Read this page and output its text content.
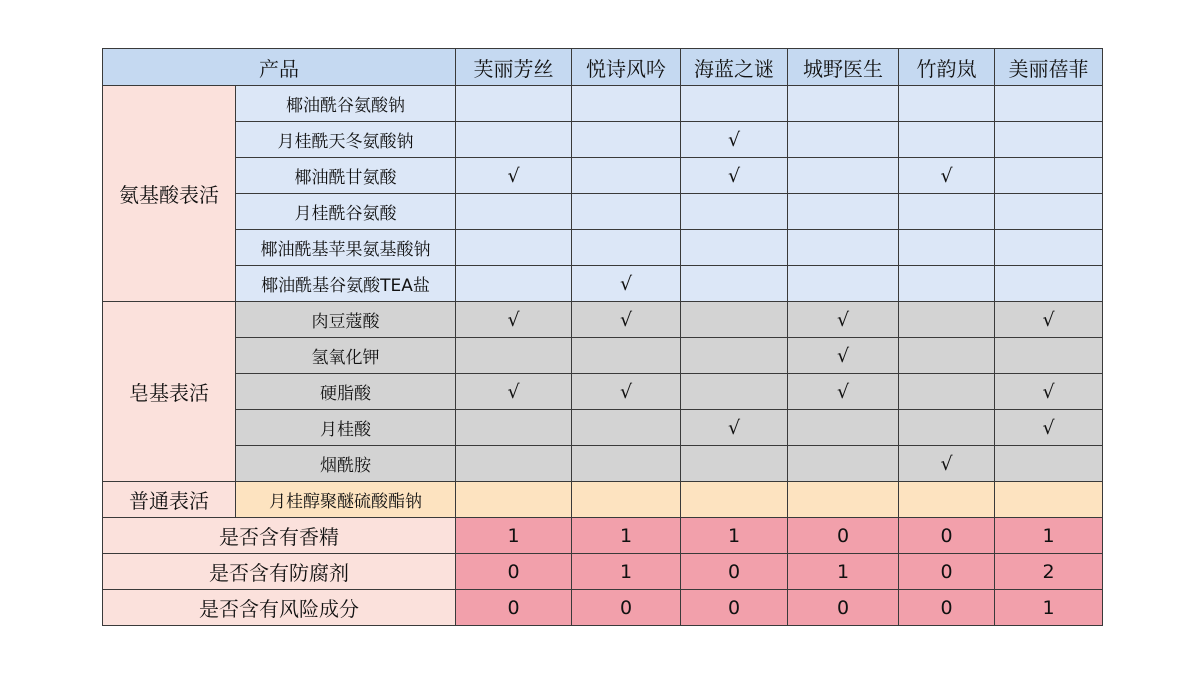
产品		芙丽芳丝	悦诗风吟	海蓝之谜	城野医生	竹韵岚	美丽蓓菲
氨基酸表活	椰油酰谷氨酸钠						
	月桂酰天冬氨酸钠			√			
	椰油酰甘氨酸	√		√		√	
	月桂酰谷氨酸						
	椰油酰基苹果氨基酸钠						
	椰油酰基谷氨酸TEA盐		√				
皂基表活	肉豆蔻酸	√	√		√		√
	氢氧化钾				√		
	硬脂酸	√	√		√		√
	月桂酸			√			√
	烟酰胺					√	
普通表活	月桂醇聚醚硫酸酯钠						
是否含有香精		1	1	1	0	0	1
是否含有防腐剂		0	1	0	1	0	2
是否含有风险成分		0	0	0	0	0	1
